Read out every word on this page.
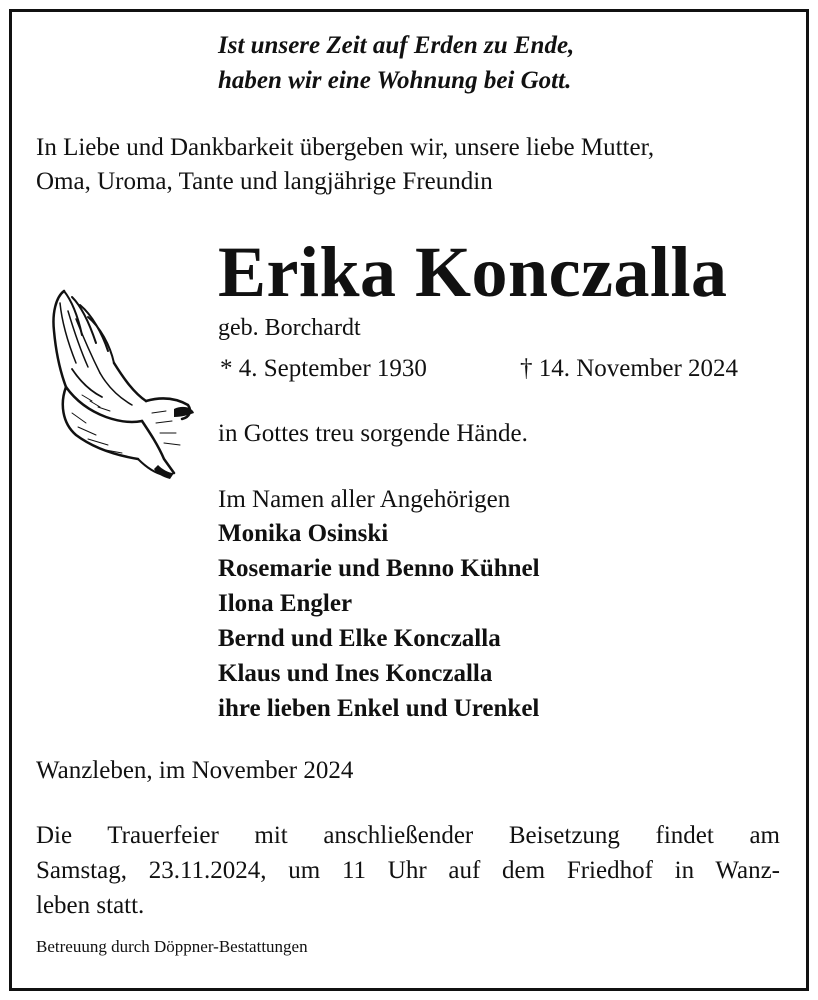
Ist unsere Zeit auf Erden zu Ende,
haben wir eine Wohnung bei Gott.
In Liebe und Dankbarkeit übergeben wir, unsere liebe Mutter,
Oma, Uroma, Tante und langjährige Freundin
Erika Konczalla
geb. Borchardt
* 4. September 1930	† 14. November 2024
in Gottes treu sorgende Hände.
Im Namen aller Angehörigen
Monika Osinski
Rosemarie und Benno Kühnel
Ilona Engler
Bernd und Elke Konczalla
Klaus und Ines Konczalla
ihre lieben Enkel und Urenkel
Wanzleben, im November 2024
Die Trauerfeier mit anschließender Beisetzung findet am
Samstag, 23.11.2024, um 11 Uhr auf dem Friedhof in Wanz-
leben statt.
Betreuung durch Döppner-Bestattungen
